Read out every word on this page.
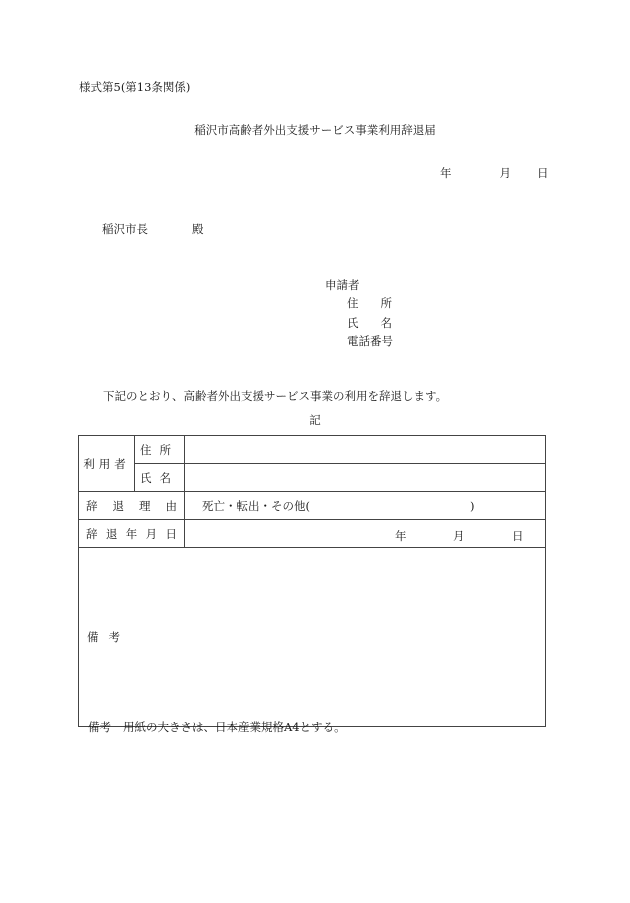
様式第5(第13条関係)
稲沢市高齢者外出支援サービス事業利用辞退届
年	月 日
稲沢市長	殿
申請者
住 所
氏 名
電話番号
下記のとおり、高齢者外出支援サービス事業の利用を辞退します。
記
利用者	住所	
	氏名	
辞退理由		死亡・転出・その他( )
辞退年月日		年 月 日

備考		
備考 用紙の大きさは、日本産業規格A4とする。
